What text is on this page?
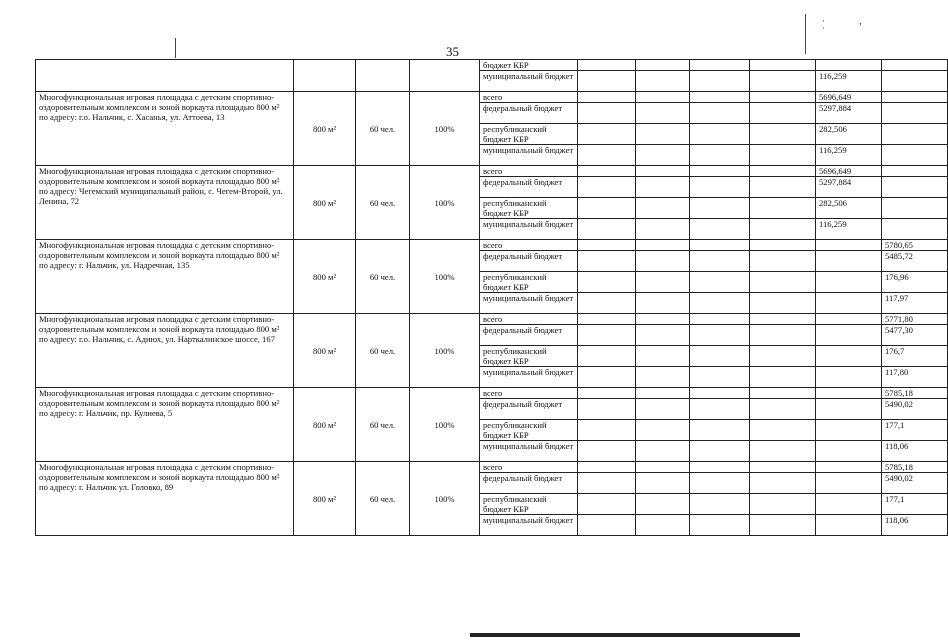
· , ˈ
35
				бюджет КБР						
				муниципальный бюджет					116,259	
Многофункциональная игровая площадка с детским спортивно-оздоровительным комплексом и зоной воркаута площадью 800 м² по адресу: г.о. Нальчик, с. Хасанья, ул. Аттоева, 13	800 м²	60 чел.	100%	всего					5696,649	
				федеральный бюджет					5297,884	
				республиканский бюджет КБР					282,506	
				муниципальный бюджет					116,259	
Многофункциональная игровая площадка с детским спортивно-оздоровительным комплексом и зоной воркаута площадью 800 м² по адресу: Чегемский муниципальный район, с. Чегем-Второй, ул. Ленина, 72	800 м²	60 чел.	100%	всего					5696,649	
				федеральный бюджет					5297,884	
				республиканский бюджет КБР					282,506	
				муниципальный бюджет					116,259	
Многофункциональная игровая площадка с детским спортивно-оздоровительным комплексом и зоной воркаута площадью 800 м² по адресу: г. Нальчик, ул. Надречная, 135	800 м²	60 чел.	100%	всего						5780,65
				федеральный бюджет						5485,72
				республиканский бюджет КБР						176,96
				муниципальный бюджет						117,97
Многофункциональная игровая площадка с детским спортивно-оздоровительным комплексом и зоной воркаута площадью 800 м² по адресу: г.о. Нальчик, с. Адиюх, ул. Нарткалинское шоссе, 167	800 м²	60 чел.	100%	всего						5771,80
				федеральный бюджет						5477,30
				республиканский бюджет КБР						176,7
				муниципальный бюджет						117,80
Многофункциональная игровая площадка с детским спортивно-оздоровительным комплексом и зоной воркаута площадью 800 м² по адресу: г. Нальчик, пр. Кулиева, 5	800 м²	60 чел.	100%	всего						5785,18
				федеральный бюджет						5490,02
				республиканский бюджет КБР						177,1
				муниципальный бюджет						118,06
Многофункциональная игровая площадка с детским спортивно-оздоровительным комплексом и зоной воркаута площадью 800 м² по адресу: г. Нальчик ул. Головко, 89	800 м²	60 чел.	100%	всего						5785,18
				федеральный бюджет						5490,02
				республиканский бюджет КБР						177,1
				муниципальный бюджет						118,06
